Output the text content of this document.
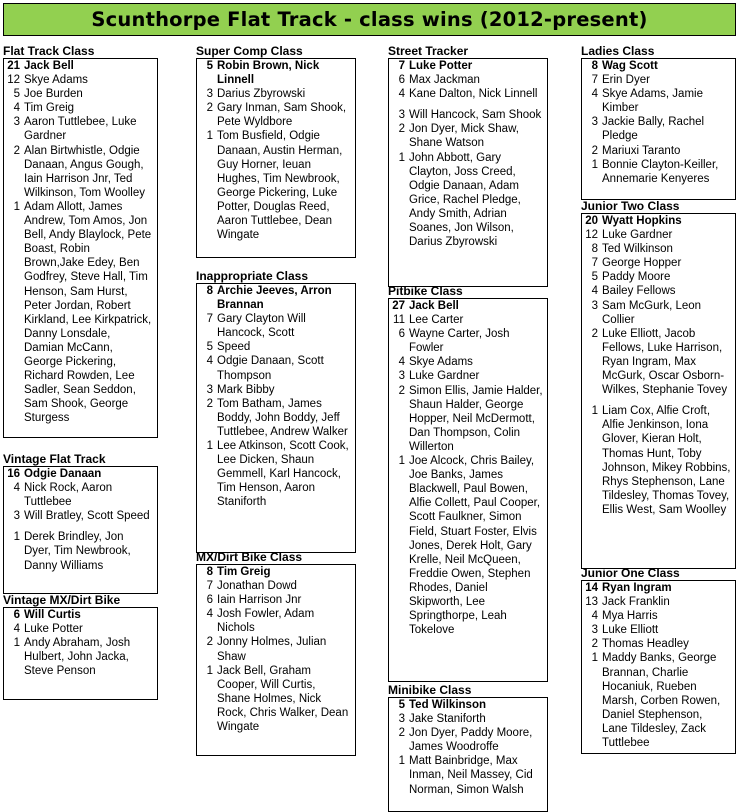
Scunthorpe Flat Track - class wins (2012-present)
Flat Track Class
21 Jack Bell
12 Skye Adams
5 Joe Burden
4 Tim Greig
3 Aaron Tuttlebee, Luke Gardner
2 Alan Birtwhistle, Odgie Danaan, Angus Gough, Iain Harrison Jnr, Ted Wilkinson, Tom Woolley
1 Adam Allott, James Andrew, Tom Amos, Jon Bell, Andy Blaylock, Pete Boast, Robin Brown,Jake Edey, Ben Godfrey, Steve Hall, Tim Henson, Sam Hurst, Peter Jordan, Robert Kirkland, Lee Kirkpatrick, Danny Lonsdale, Damian McCann, George Pickering, Richard Rowden, Lee Sadler, Sean Seddon, Sam Shook, George Sturgess
Vintage Flat Track
16 Odgie Danaan
4 Nick Rock, Aaron Tuttlebee
3 Will Bratley, Scott Speed
1 Derek Brindley, Jon Dyer, Tim Newbrook, Danny Williams
Vintage MX/Dirt Bike
6 Will Curtis
4 Luke Potter
1 Andy Abraham, Josh Hulbert, John Jacka, Steve Penson
Super Comp Class
5 Robin Brown, Nick Linnell
3 Darius Zbyrowski
2 Gary Inman, Sam Shook, Pete Wyldbore
1 Tom Busfield, Odgie Danaan, Austin Herman, Guy Horner, Ieuan Hughes, Tim Newbrook, George Pickering, Luke Potter, Douglas Reed, Aaron Tuttlebee, Dean Wingate
Inappropriate Class
8 Archie Jeeves, Arron Brannan
7 Gary Clayton Will Hancock, Scott
5 Speed
4 Odgie Danaan, Scott Thompson
3 Mark Bibby
2 Tom Batham, James Boddy, John Boddy, Jeff Tuttlebee, Andrew Walker
1 Lee Atkinson, Scott Cook, Lee Dicken, Shaun Gemmell, Karl Hancock, Tim Henson, Aaron Staniforth
MX/Dirt Bike Class
8 Tim Greig
7 Jonathan Dowd
6 Iain Harrison Jnr
4 Josh Fowler, Adam Nichols
2 Jonny Holmes, Julian Shaw
1 Jack Bell, Graham Cooper, Will Curtis, Shane Holmes, Nick Rock, Chris Walker, Dean Wingate
Street Tracker
7 Luke Potter
6 Max Jackman
4 Kane Dalton, Nick Linnell
3 Will Hancock, Sam Shook
2 Jon Dyer, Mick Shaw, Shane Watson
1 John Abbott, Gary Clayton, Joss Creed, Odgie Danaan, Adam Grice, Rachel Pledge, Andy Smith, Adrian Soanes, Jon Wilson, Darius Zbyrowski
Pitbike Class
27 Jack Bell
11 Lee Carter
6 Wayne Carter, Josh Fowler
4 Skye Adams
3 Luke Gardner
2 Simon Ellis, Jamie Halder, Shaun Halder, George Hopper, Neil McDermott, Dan Thompson, Colin Willerton
1 Joe Alcock, Chris Bailey, Joe Banks, James Blackwell, Paul Bowen, Alfie Collett, Paul Cooper, Scott Faulkner, Simon Field, Stuart Foster, Elvis Jones, Derek Holt, Gary Krelle, Neil McQueen, Freddie Owen, Stephen Rhodes, Daniel Skipworth, Lee Springthorpe, Leah Tokelove
Minibike Class
5 Ted Wilkinson
3 Jake Staniforth
2 Jon Dyer, Paddy Moore, James Woodroffe
1 Matt Bainbridge, Max Inman, Neil Massey, Cid Norman, Simon Walsh
Ladies Class
8 Wag Scott
7 Erin Dyer
4 Skye Adams, Jamie Kimber
3 Jackie Bally, Rachel Pledge
2 Mariuxi Taranto
1 Bonnie Clayton-Keiller, Annemarie Kenyeres
Junior Two Class
20 Wyatt Hopkins
12 Luke Gardner
8 Ted Wilkinson
7 George Hopper
5 Paddy Moore
4 Bailey Fellows
3 Sam McGurk, Leon Collier
2 Luke Elliott, Jacob Fellows, Luke Harrison, Ryan Ingram, Max McGurk, Oscar Osborn-Wilkes, Stephanie Tovey
1 Liam Cox, Alfie Croft, Alfie Jenkinson, Iona Glover, Kieran Holt, Thomas Hunt, Toby Johnson, Mikey Robbins, Rhys Stephenson, Lane Tildesley, Thomas Tovey, Ellis West, Sam Woolley
Junior One Class
14 Ryan Ingram
13 Jack Franklin
4 Mya Harris
3 Luke Elliott
2 Thomas Headley
1 Maddy Banks, George Brannan, Charlie Hocaniuk, Rueben Marsh, Corben Rowen, Daniel Stephenson, Lane Tildesley, Zack Tuttlebee
